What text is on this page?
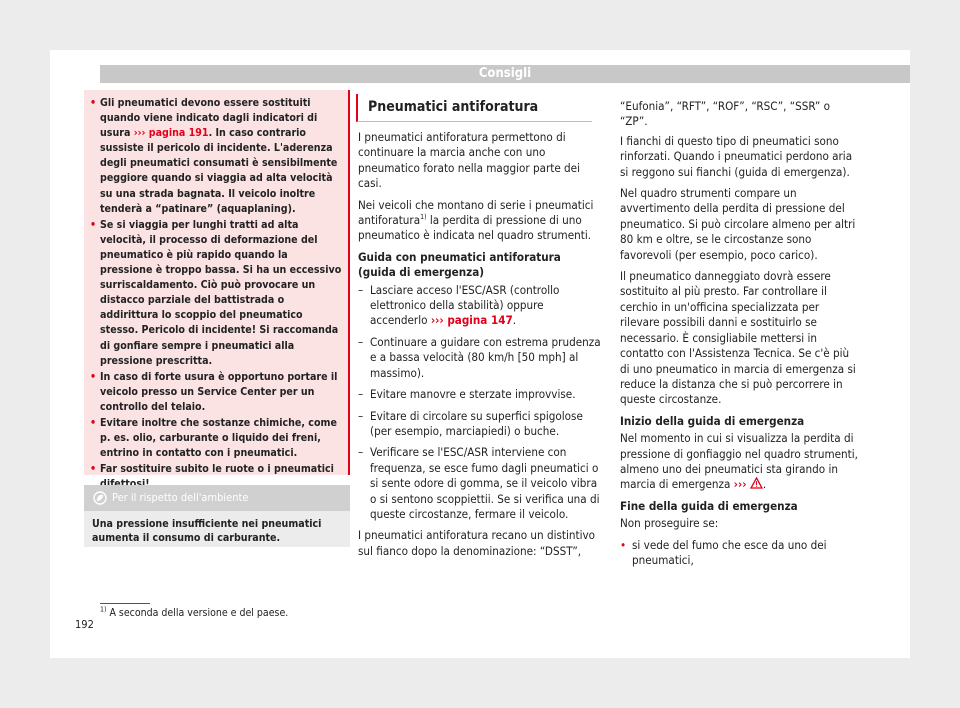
Consigli
• Gli pneumatici devono essere sostituiti quando viene indicato dagli indicatori di usura ››› pagina 191. In caso contrario sussiste il pericolo di incidente. L'aderenza degli pneumatici consumati è sensibilmente peggiore quando si viaggia ad alta velocità su una strada bagnata. Il veicolo inoltre tenderà a “patinare” (aquaplaning).
• Se si viaggia per lunghi tratti ad alta velocità, il processo di deformazione del pneumatico è più rapido quando la pressione è troppo bassa. Si ha un eccessivo surriscaldamento. Ciò può provocare un distacco parziale del battistrada o addirittura lo scoppio del pneumatico stesso. Pericolo di incidente! Si raccomanda di gonfiare sempre i pneumatici alla pressione prescritta.
• In caso di forte usura è opportuno portare il veicolo presso un Service Center per un controllo del telaio.
• Evitare inoltre che sostanze chimiche, come p. es. olio, carburante o liquido dei freni, entrino in contatto con i pneumatici.
• Far sostituire subito le ruote o i pneumatici
Per il rispetto dell'ambiente
Una pressione insufficiente nei pneumatici aumenta il consumo di carburante.
Pneumatici antiforatura

I pneumatici antiforatura permettono di continuare la marcia anche con uno pneumatico forato nella maggior parte dei casi.

Nei veicoli che montano di serie i pneumatici antiforatura$^{1)}$ la perdita di pressione di uno pneumatico è indicata nel quadro strumenti.

Guida con pneumatici antiforatura (guida di emergenza)

– Lasciare acceso l'ESC/ASR (controllo elettronico della stabilità) oppure accenderlo ››› pagina 147.
– Continuare a guidare con estrema prudenza e a bassa velocità (80 km/h [50 mph] al massimo).
– Evitare manovre e sterzate improvvise.
– Evitare di circolare su superfici spigolose (per esempio, marciapiedi) o buche.
– Verificare se l'ESC/ASR interviene con frequenza, se esce fumo dagli pneumatici o si sente odore di gomma, se il veicolo vibra o si sentono scoppiettii. Se si verifica una di queste circostanze, fermare il veicolo.

I pneumatici antiforatura recano un distintivo sul fianco dopo la denominazione: “DSST”,

“Eufonia”, “RFT”, “ROF”, “RSC”, “SSR” o “ZP”.

I fianchi di questo tipo di pneumatici sono rinforzati. Quando i pneumatici perdono aria si reggono sui fianchi (guida di emergenza).

Nel quadro strumenti compare un avvertimento della perdita di pressione del pneumatico. Si può circolare almeno per altri 80 km e oltre, se le circostanze sono favorevoli (per esempio, poco carico).

Il pneumatico danneggiato dovrà essere sostituito al più presto. Far controllare il cerchio in un'officina specializzata per rilevare possibili danni e sostituirlo se necessario. È consigliabile mettersi in contatto con l'Assistenza Tecnica. Se c'è più di uno pneumatico in marcia di emergenza si reduce la distanza che si può percorrere in queste circostanze.

Inizio della guida di emergenza

Nel momento in cui si visualizza la perdita di pressione di gonfiaggio nel quadro strumenti, almeno uno dei pneumatici sta girando in marcia di emergenza ››› .

Fine della guida di emergenza

Non proseguire se:

• si vede del fumo che esce da uno dei pneumatici,
$^{1)}$ A seconda della versione e del paese.
192
